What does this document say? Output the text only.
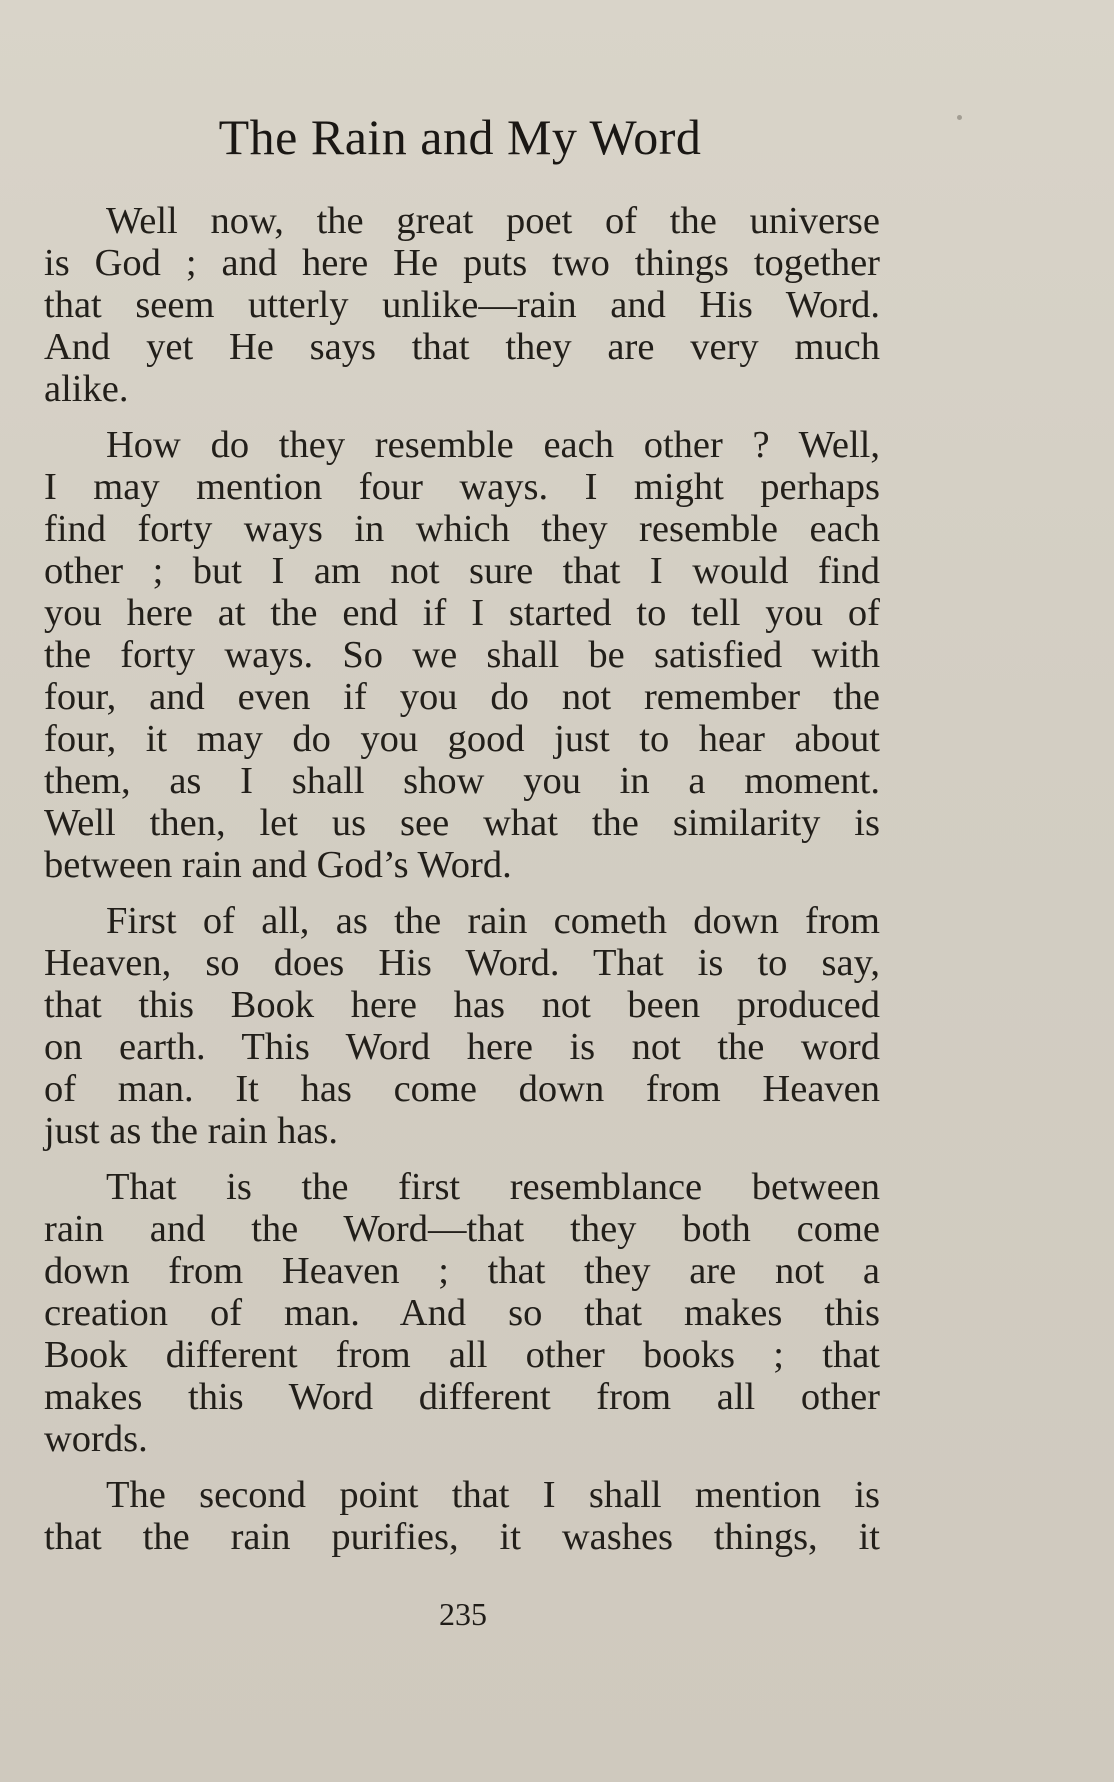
The Rain and My Word
Well now, the great poet of the universe
is God ; and here He puts two things together
that seem utterly unlike—rain and His Word.
And yet He says that they are very much
alike.
How do they resemble each other ? Well,
I may mention four ways. I might perhaps
find forty ways in which they resemble each
other ; but I am not sure that I would find
you here at the end if I started to tell you of
the forty ways. So we shall be satisfied with
four, and even if you do not remember the
four, it may do you good just to hear about
them, as I shall show you in a moment.
Well then, let us see what the similarity is
between rain and God’s Word.
First of all, as the rain cometh down from
Heaven, so does His Word. That is to say,
that this Book here has not been produced
on earth. This Word here is not the word
of man. It has come down from Heaven
just as the rain has.
That is the first resemblance between
rain and the Word—that they both come
down from Heaven ; that they are not a
creation of man. And so that makes this
Book different from all other books ; that
makes this Word different from all other
words.
The second point that I shall mention is
that the rain purifies, it washes things, it
235
